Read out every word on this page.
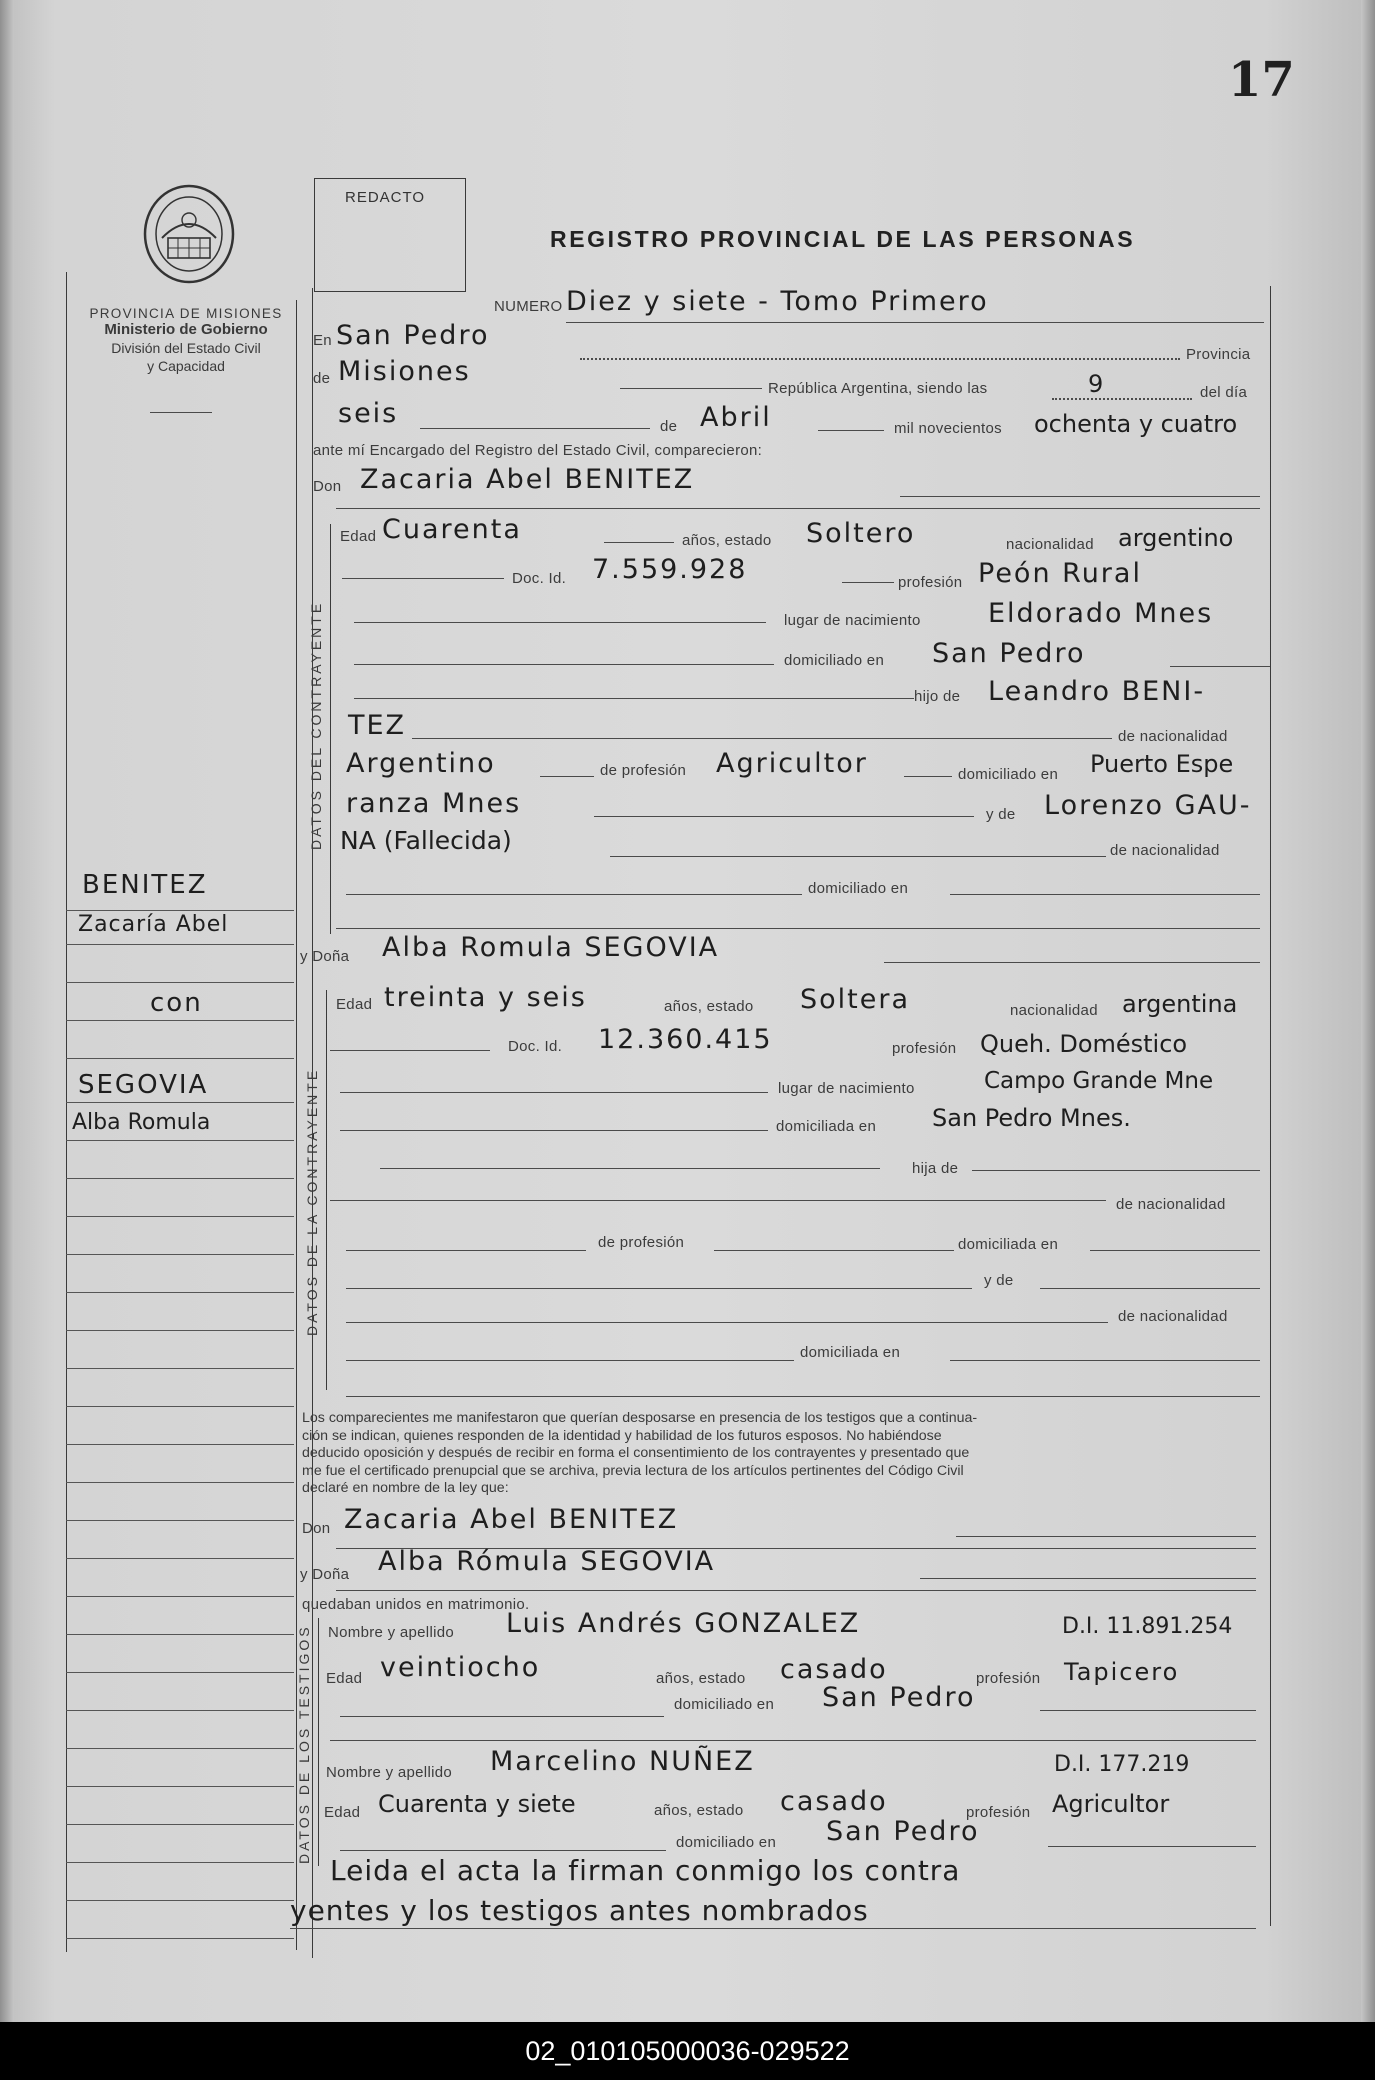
17
PROVINCIA DE MISIONES
Ministerio de Gobierno
División del Estado Civil
y Capacidad
BENITEZ
Zacaría Abel
con
SEGOVIA
Alba Romula
REDACTO
REGISTRO PROVINCIAL DE LAS PERSONAS
NUMERO Diez y siete - Tomo Primero
En San Pedro
Provincia
de Misiones
República Argentina, siendo las	9	del día
seis	de Abril	mil novecientos ochenta y cuatro
ante mí Encargado del Registro del Estado Civil, comparecieron:
Don Zacaria Abel BENITEZ
DATOS DEL CONTRAYENTE
Edad Cuarenta	años, estado Soltero	nacionalidad argentino
Doc. Id. 7.559.928	profesión Peón Rural
lugar de nacimiento Eldorado Mnes
domiciliado en San Pedro
hijo de Leandro BENI-
TEZ	de nacionalidad
Argentino	de profesión Agricultor	domiciliado en Puerto Espe
ranza Mnes	y de Lorenzo GAU-
NA (Fallecida)	de nacionalidad
domiciliado en
y Doña Alba Romula SEGOVIA
DATOS DE LA CONTRAYENTE
Edad treinta y seis	años, estado Soltera	nacionalidad argentina
Doc. Id. 12.360.415	profesión Queh. Doméstico
lugar de nacimiento	Campo Grande Mne
domiciliada en San Pedro Mnes.
hija de
de nacionalidad
de profesión	domiciliada en
y de
de nacionalidad
domiciliada en
Los comparecientes me manifestaron que querían desposarse en presencia de los testigos que a continua-
ción se indican, quienes responden de la identidad y habilidad de los futuros esposos. No habiéndose
deducido oposición y después de recibir en forma el consentimiento de los contrayentes y presentado que
me fue el certificado prenupcial que se archiva, previa lectura de los artículos pertinentes del Código Civil
declaré en nombre de la ley que:
Don Zacaria Abel BENITEZ
y Doña Alba Rómula SEGOVIA
quedaban unidos en matrimonio.
DATOS DE LOS TESTIGOS Nombre y apellido Luis Andrés GONZALEZ	D.I. 11.891.254
Edad veintiocho	años, estado casado	profesión Tapicero
domiciliado en San Pedro
Nombre y apellido Marcelino NUÑEZ	D.I. 177.219
Edad Cuarenta y siete	años, estado casado	profesión Agricultor
domiciliado en San Pedro
Leida el acta la firman conmigo los contra
yentes y los testigos antes nombrados
02_010105000036-029522
